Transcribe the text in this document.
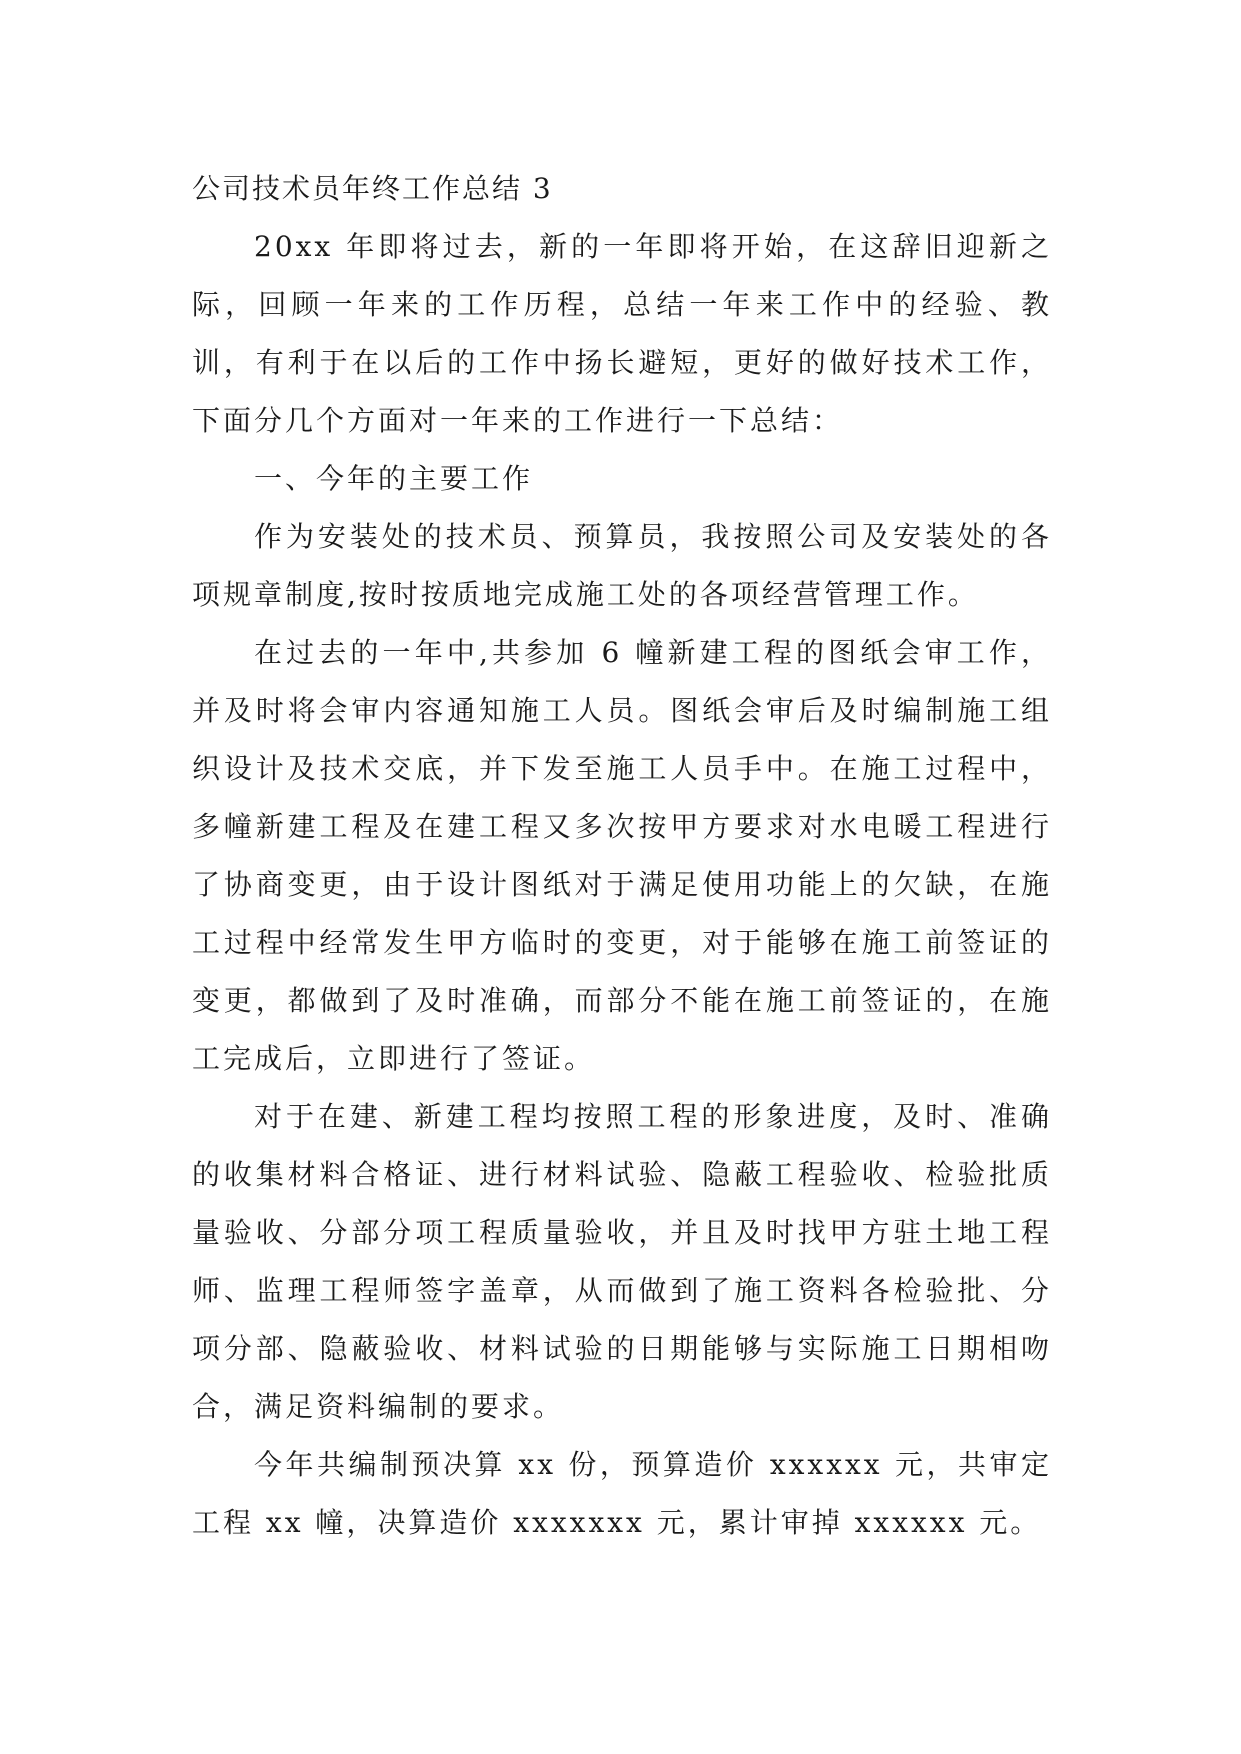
公司技术员年终工作总结 3

20xx 年即将过去，新的一年即将开始，在这辞旧迎新之际，回顾一年来的工作历程，总结一年来工作中的经验、教训，有利于在以后的工作中扬长避短，更好的做好技术工作，下面分几个方面对一年来的工作进行一下总结：

一、今年的主要工作

作为安装处的技术员、预算员，我按照公司及安装处的各项规章制度,按时按质地完成施工处的各项经营管理工作。

在过去的一年中,共参加 6 幢新建工程的图纸会审工作，并及时将会审内容通知施工人员。图纸会审后及时编制施工组织设计及技术交底，并下发至施工人员手中。在施工过程中，多幢新建工程及在建工程又多次按甲方要求对水电暖工程进行了协商变更，由于设计图纸对于满足使用功能上的欠缺，在施工过程中经常发生甲方临时的变更，对于能够在施工前签证的变更，都做到了及时准确，而部分不能在施工前签证的，在施工完成后，立即进行了签证。

对于在建、新建工程均按照工程的形象进度，及时、准确的收集材料合格证、进行材料试验、隐蔽工程验收、检验批质量验收、分部分项工程质量验收，并且及时找甲方驻土地工程师、监理工程师签字盖章，从而做到了施工资料各检验批、分项分部、隐蔽验收、材料试验的日期能够与实际施工日期相吻合，满足资料编制的要求。

今年共编制预决算 xx 份，预算造价 xxxxxx 元，共审定工程 xx 幢，决算造价 xxxxxxx 元，累计审掉 xxxxxx 元。
